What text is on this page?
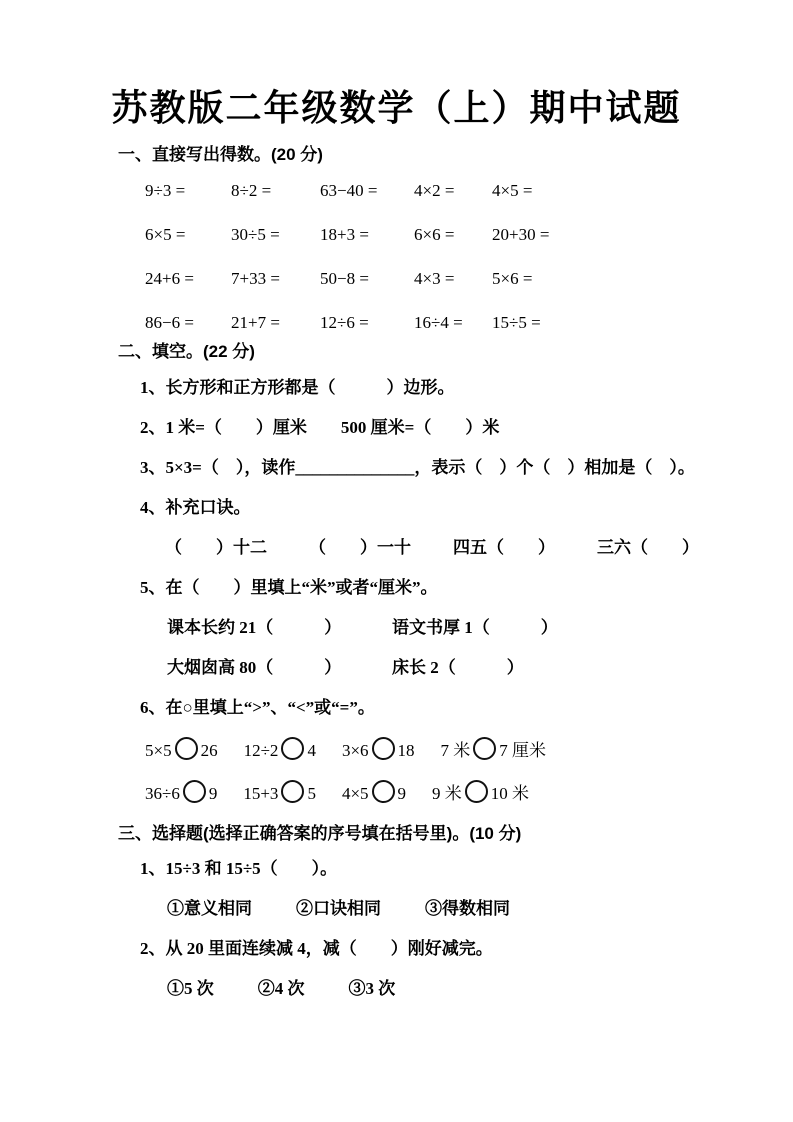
苏教版二年级数学（上）期中试题
一、直接写出得数。(20 分)
9÷3 =	8÷2 =	63−40 =	4×2 =	4×5 =
6×5 =	30÷5 =	18+3 =	6×6 =	20+30 =
24+6 =	7+33 =	50−8 =	4×3 =	5×6 =
86−6 =	21+7 =	12÷6 =	16÷4 =	15÷5 =
二、填空。(22 分)
1、长方形和正方形都是（　　　）边形。
2、1 米=（　　）厘米　　500 厘米=（　　）米
3、5×3=（　），读作______________，表示（　）个（　）相加是（　）。
4、补充口诀。
（　　）十二 （　　）一十 四五（　　） 三六（　　）
5、在（　　）里填上“米”或者“厘米”。
课本长约 21（　　　）	语文书厚 1（　　　）
大烟囱高 80（　　　）	床长 2（　　　）
6、在○里填上“>”、“<”或“=”。
5×5 26 12÷2 4 3×6 18 7 米 7 厘米
36÷6 9 15+3 5 4×5 9 9 米 10 米
三、选择题(选择正确答案的序号填在括号里)。(10 分)
1、15÷3 和 15÷5（　　）。
①意义相同	②口诀相同	③得数相同
2、从 20 里面连续减 4，减（　　）刚好减完。
①5 次	②4 次	③3 次
